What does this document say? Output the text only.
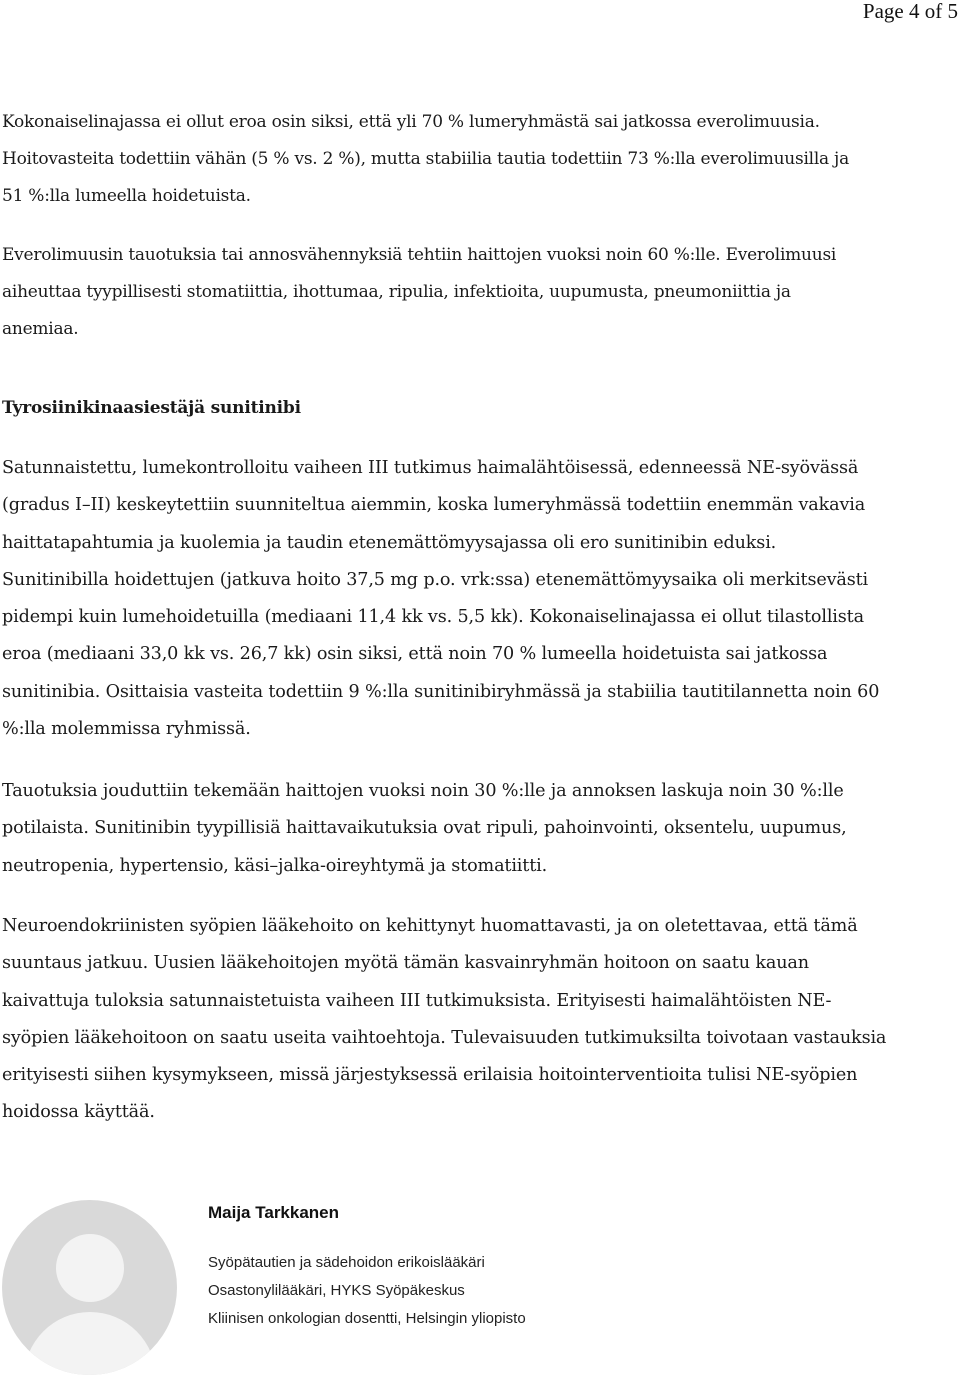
Page 4 of 5

Kokonaiselinajassa ei ollut eroa osin siksi, että yli 70 % lumeryhmästä sai jatkossa everolimuusia.
Hoitovasteita todettiin vähän (5 % vs. 2 %), mutta stabiilia tautia todettiin 73 %:lla everolimuusilla ja
51 %:lla lumeella hoidetuista.

Everolimuusin tauotuksia tai annosvähennyksiä tehtiin haittojen vuoksi noin 60 %:lle. Everolimuusi
aiheuttaa tyypillisesti stomatiittia, ihottumaa, ripulia, infektioita, uupumusta, pneumoniittia ja
anemiaa.

Tyrosiinikinaasiestäjä sunitinibi

Satunnaistettu, lumekontrolloitu vaiheen III tutkimus haimalähtöisessä, edenneessä NE-syövässä
(gradus I–II) keskeytettiin suunniteltua aiemmin, koska lumeryhmässä todettiin enemmän vakavia
haittatapahtumia ja kuolemia ja taudin etenemättömyysajassa oli ero sunitinibin eduksi.
Sunitinibilla hoidettujen (jatkuva hoito 37,5 mg p.o. vrk:ssa) etenemättömyysaika oli merkitsevästi
pidempi kuin lumehoidetuilla (mediaani 11,4 kk vs. 5,5 kk). Kokonaiselinajassa ei ollut tilastollista
eroa (mediaani 33,0 kk vs. 26,7 kk) osin siksi, että noin 70 % lumeella hoidetuista sai jatkossa
sunitinibia. Osittaisia vasteita todettiin 9 %:lla sunitinibiryhmässä ja stabiilia tautitilannetta noin 60
%:lla molemmissa ryhmissä.

Tauotuksia jouduttiin tekemään haittojen vuoksi noin 30 %:lle ja annoksen laskuja noin 30 %:lle
potilaista. Sunitinibin tyypillisiä haittavaikutuksia ovat ripuli, pahoinvointi, oksentelu, uupumus,
neutropenia, hypertensio, käsi–jalka-oireyhtymä ja stomatiitti.

Neuroendokriinisten syöpien lääkehoito on kehittynyt huomattavasti, ja on oletettavaa, että tämä
suuntaus jatkuu. Uusien lääkehoitojen myötä tämän kasvainryhmän hoitoon on saatu kauan
kaivattuja tuloksia satunnaistetuista vaiheen III tutkimuksista. Erityisesti haimalähtöisten NE-
syöpien lääkehoitoon on saatu useita vaihtoehtoja. Tulevaisuuden tutkimuksilta toivotaan vastauksia
erityisesti siihen kysymykseen, missä järjestyksessä erilaisia hoitointerventioita tulisi NE-syöpien
hoidossa käyttää.

Maija Tarkkanen
Syöpätautien ja sädehoidon erikoislääkäri
Osastonylilääkäri, HYKS Syöpäkeskus
Kliinisen onkologian dosentti, Helsingin yliopisto
